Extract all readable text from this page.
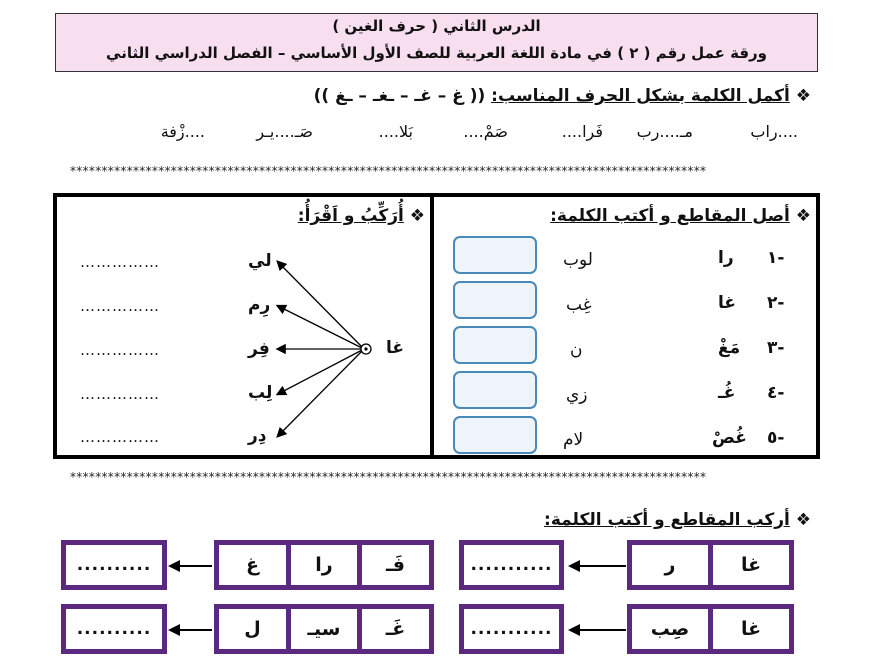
الدرس الثاني ( حرف الغين )
ورقة عمل رقم ( ٢ ) في مادة اللغة العربية للصف الأول الأساسي – الفصل الدراسي الثاني
❖ أكمل الكلمة بشكل الحرف المناسب: (( غ – غـ – ـغـ – ـغ ))
....راب
مـ....رب
فَرا....
صَمْ....
بَلا....
صَـ....يـر
....زْفة
*****************************************************************************************************
❖ أصل المقاطع و أكتب الكلمة:
١-
٢-
٣-
٤-
٥-
را
غا
مَغْ
غُـ
غُصْ
لوب
غِب
ن
زي
لام
❖ أُرَكِّبُ و اَقْرَأُ:
غا
لي
رِم
فِر
لِب
دِر
……………
……………
……………
……………
……………
*****************************************************************************************************
❖ أركب المقاطع و أكتب الكلمة:
غا
ر
...........
غا
صِب
...........
فَـ
را
غ
..........
غَـ
سيـ
ل
..........
